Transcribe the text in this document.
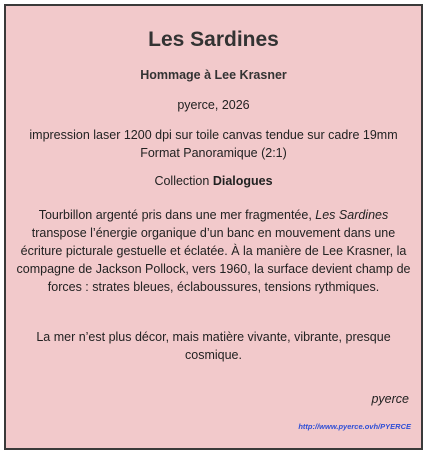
Les Sardines
Hommage à Lee Krasner
pyerce, 2026
impression laser 1200 dpi sur toile canvas tendue sur cadre 19mm
Format Panoramique (2:1)
Collection Dialogues
Tourbillon argenté pris dans une mer fragmentée, Les Sardines transpose l’énergie organique d’un banc en mouvement dans une écriture picturale gestuelle et éclatée. À la manière de Lee Krasner, la compagne de Jackson Pollock, vers 1960, la surface devient champ de forces : strates bleues, éclaboussures, tensions rythmiques.
La mer n’est plus décor, mais matière vivante, vibrante, presque cosmique.
pyerce
http://www.pyerce.ovh/PYERCE
